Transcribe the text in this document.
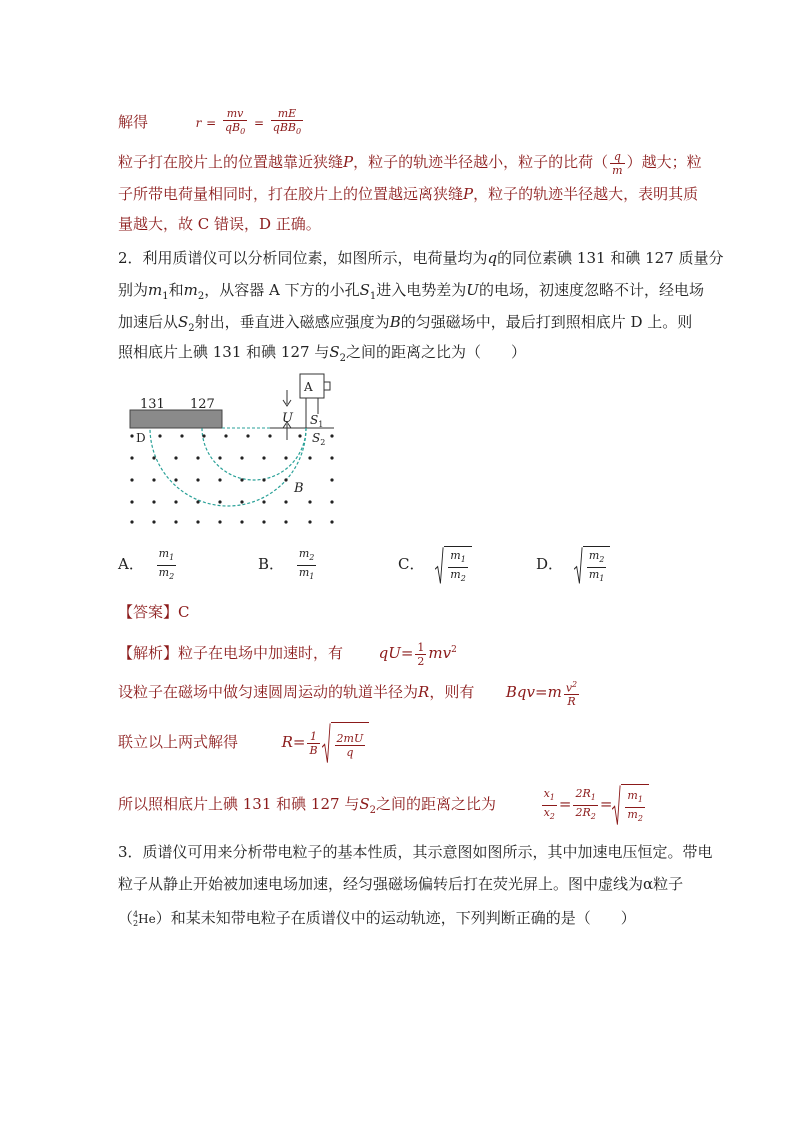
解得	$r = \frac{mv}{qB_0} = \frac{mE}{qBB_0}$
粒子打在胶片上的位置越靠近狭缝P，粒子的轨迹半径越小，粒子的比荷（ $\frac{q}{m}$ ）越大；粒
子所带电荷量相同时，打在胶片上的位置越远离狭缝P，粒子的轨迹半径越大，表明其质
量越大，故 C 错误，D 正确。
2．利用质谱仪可以分析同位素，如图所示，电荷量均为q的同位素碘 131 和碘 127 质量分
别为$m_1$和$m_2$，从容器 A 下方的小孔$S_1$进入电势差为U的电场，初速度忽略不计，经电场
加速后从$S_2$射出，垂直进入磁感应强度为B的匀强磁场中，最后打到照相底片 D 上。则
照相底片上碘 131 和碘 127 与$S_2$之间的距离之比为（　　）
131 127
A
U $S_1$
$S_2$
D
B
A． $\frac{m_1}{m_2}$	B． $\frac{m_2}{m_1}$	C． $\frac{m_1}{m_2}$	D． $\frac{m_2}{m_1}$
【答案】C
【解析】粒子在电场中加速时，有 $qU= \frac{1}{2} mv^2$
设粒子在磁场中做匀速圆周运动的轨道半径为R，则有 $Bqv=m \frac{v^2}{R}$
联立以上两式解得	$R= \frac{1}{B} \frac{2mU}{q}$
所以照相底片上碘 131 和碘 127 与$S_2$之间的距离之比为	$\frac{x_1}{x_2} = \frac{2R_1}{2R_2} = \frac{m_1}{m_2}$
3．质谱仪可用来分析带电粒子的基本性质，其示意图如图所示，其中加速电压恒定。带电
粒子从静止开始被加速电场加速，经匀强磁场偏转后打在荧光屏上。图中虚线为α粒子
（ 4
2 He）和某未知带电粒子在质谱仪中的运动轨迹，下列判断正确的是（　　）
